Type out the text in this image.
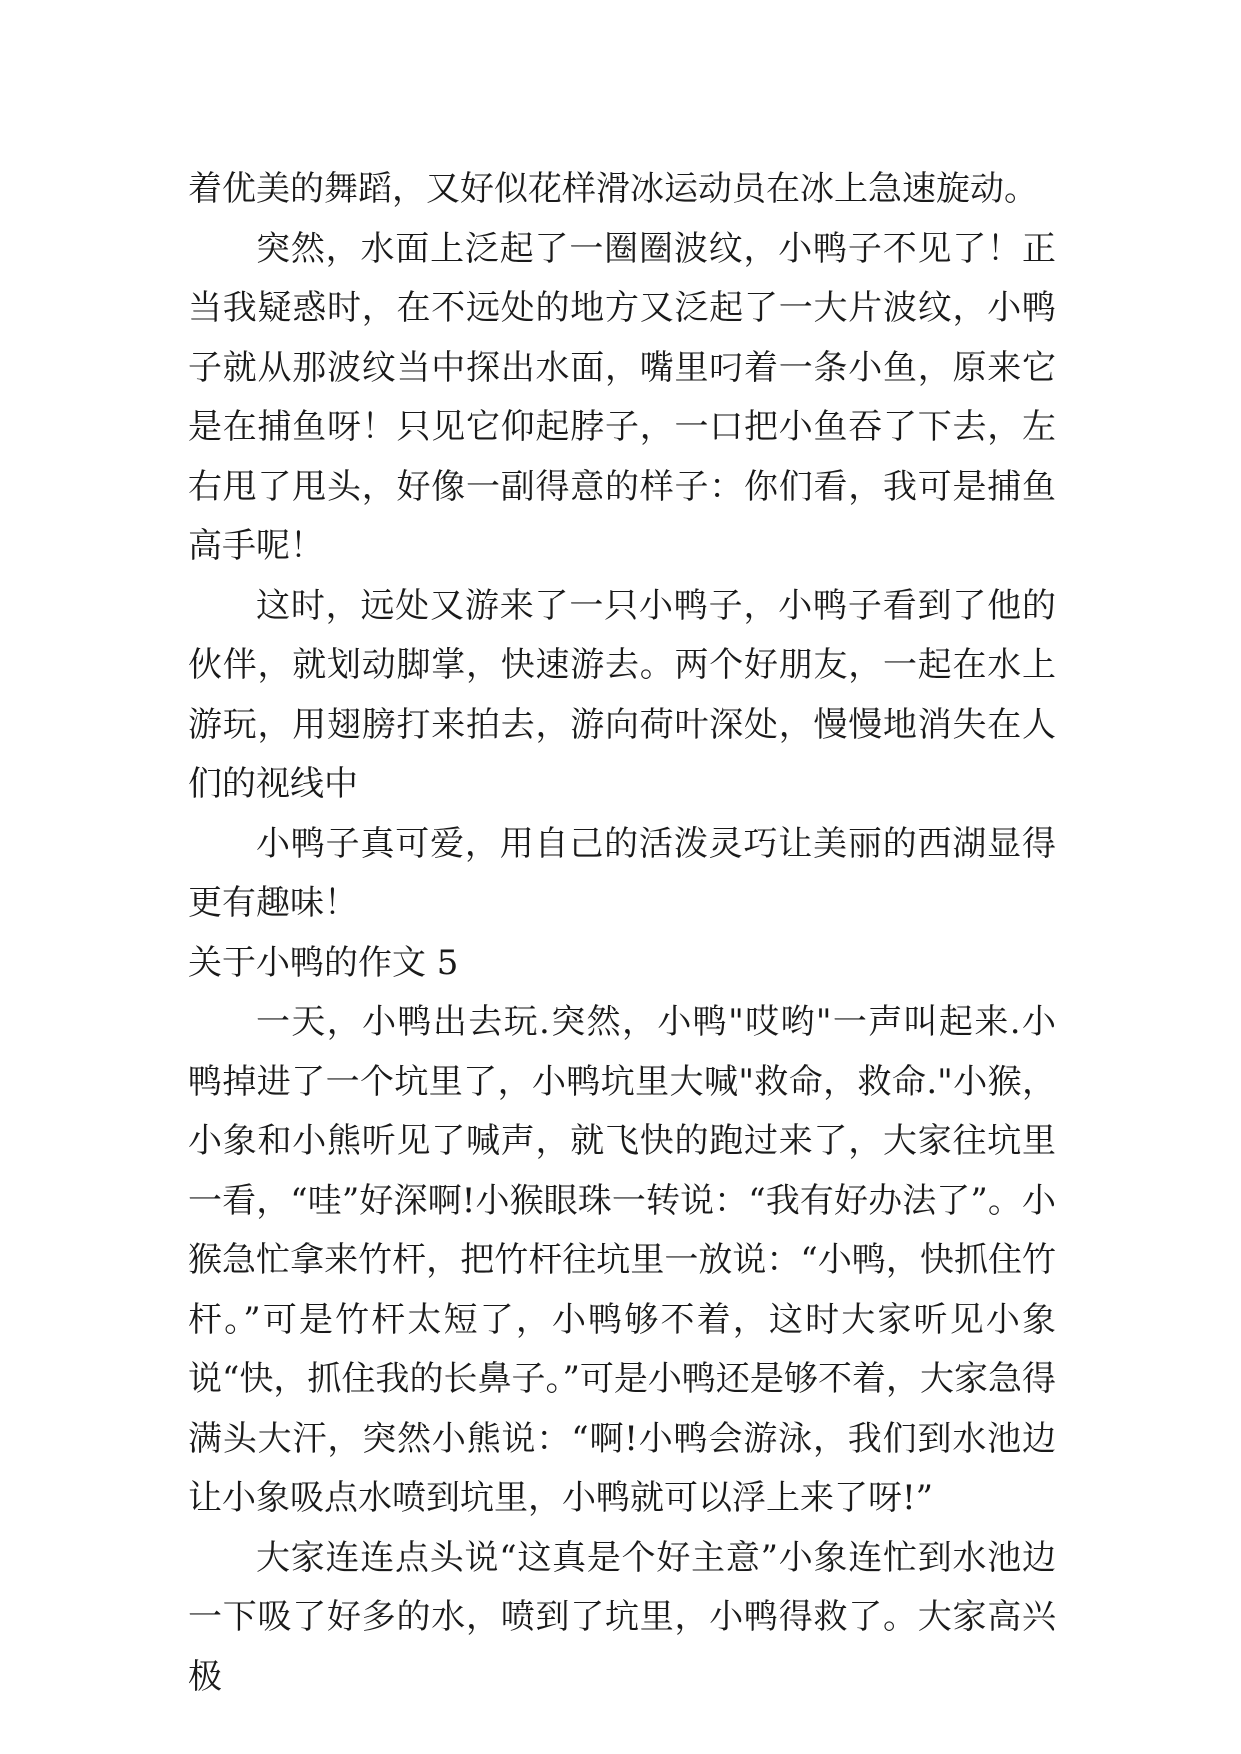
着优美的舞蹈，又好似花样滑冰运动员在冰上急速旋动。

突然，水面上泛起了一圈圈波纹，小鸭子不见了！正当我疑惑时，在不远处的地方又泛起了一大片波纹，小鸭子就从那波纹当中探出水面，嘴里叼着一条小鱼，原来它是在捕鱼呀！只见它仰起脖子，一口把小鱼吞了下去，左右甩了甩头，好像一副得意的样子：你们看，我可是捕鱼高手呢！

这时，远处又游来了一只小鸭子，小鸭子看到了他的伙伴，就划动脚掌，快速游去。两个好朋友，一起在水上游玩，用翅膀打来拍去，游向荷叶深处，慢慢地消失在人们的视线中

小鸭子真可爱，用自己的活泼灵巧让美丽的西湖显得更有趣味！

关于小鸭的作文 5

一天，小鸭出去玩.突然，小鸭"哎哟"一声叫起来.小鸭掉进了一个坑里了，小鸭坑里大喊"救命，救命."小猴，小象和小熊听见了喊声，就飞快的跑过来了，大家往坑里一看，“哇”好深啊!小猴眼珠一转说：“我有好办法了”。小猴急忙拿来竹杆，把竹杆往坑里一放说：“小鸭，快抓住竹杆。”可是竹杆太短了，小鸭够不着，这时大家听见小象说“快，抓住我的长鼻子。”可是小鸭还是够不着，大家急得满头大汗，突然小熊说：“啊!小鸭会游泳，我们到水池边让小象吸点水喷到坑里，小鸭就可以浮上来了呀!”

大家连连点头说“这真是个好主意”小象连忙到水池边一下吸了好多的水，喷到了坑里，小鸭得救了。大家高兴极
